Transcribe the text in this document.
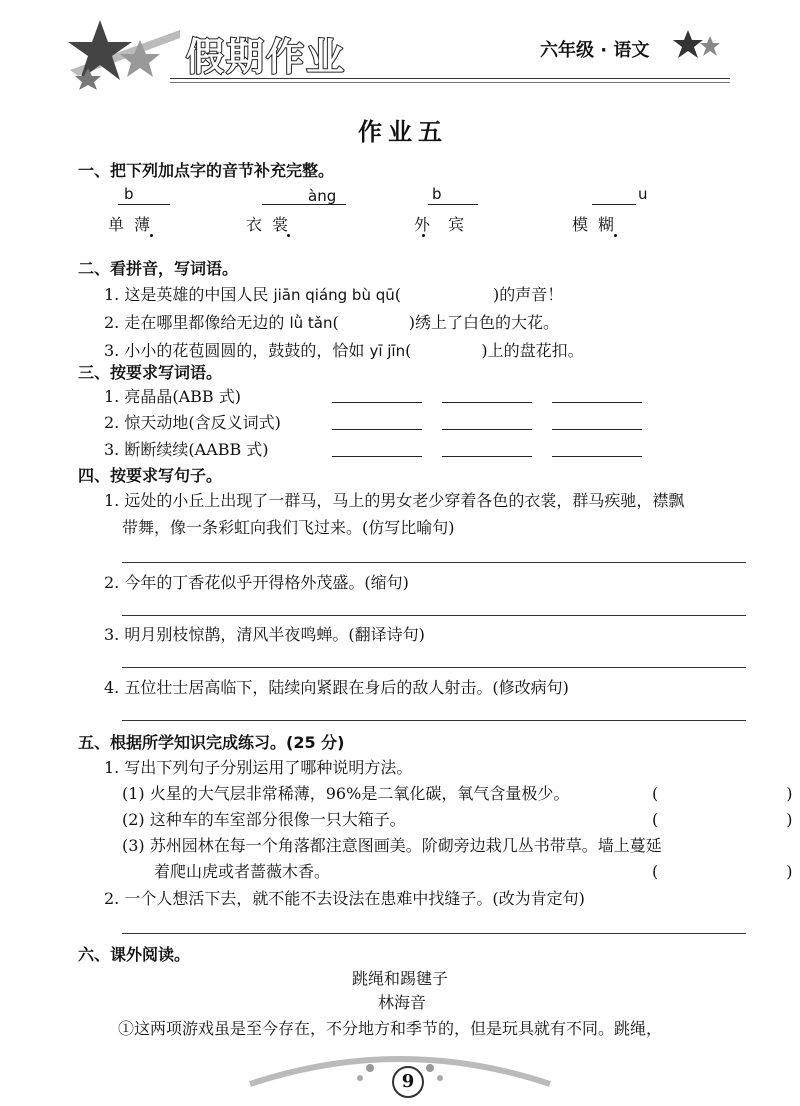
假期作业	六年级 · 语文
作业五
一、把下列加点字的音节补充完整。
b	àng	b	u
单薄	衣裳	外宾	模糊
二、看拼音，写词语。
1. 这是英雄的中国人民 jiān qiáng bù qū(	)的声音！
2. 走在哪里都像给无边的 lǜ tǎn(	)绣上了白色的大花。
3. 小小的花苞圆圆的，鼓鼓的，恰如 yī jīn(	)上的盘花扣。
三、按要求写词语。
1. 亮晶晶(ABB 式)
2. 惊天动地(含反义词式)
3. 断断续续(AABB 式)
四、按要求写句子。
1. 远处的小丘上出现了一群马，马上的男女老少穿着各色的衣裳，群马疾驰，襟飘
带舞，像一条彩虹向我们飞过来。(仿写比喻句)
2. 今年的丁香花似乎开得格外茂盛。(缩句)
3. 明月别枝惊鹊，清风半夜鸣蝉。(翻译诗句)
4. 五位壮士居高临下，陆续向紧跟在身后的敌人射击。(修改病句)
五、根据所学知识完成练习。(25 分)
1. 写出下列句子分别运用了哪种说明方法。
(1) 火星的大气层非常稀薄，96%是二氧化碳，氧气含量极少。	(　　　　　　　　)
(2) 这种车的车室部分很像一只大箱子。	(　　　　　　　　)
(3) 苏州园林在每一个角落都注意图画美。阶砌旁边栽几丛书带草。墙上蔓延
着爬山虎或者蔷薇木香。	(　　　　　　　　)
2. 一个人想活下去，就不能不去设法在患难中找缝子。(改为肯定句)
六、课外阅读。
跳绳和踢毽子
林海音
①这两项游戏虽是至今存在，不分地方和季节的，但是玩具就有不同。跳绳，
9
